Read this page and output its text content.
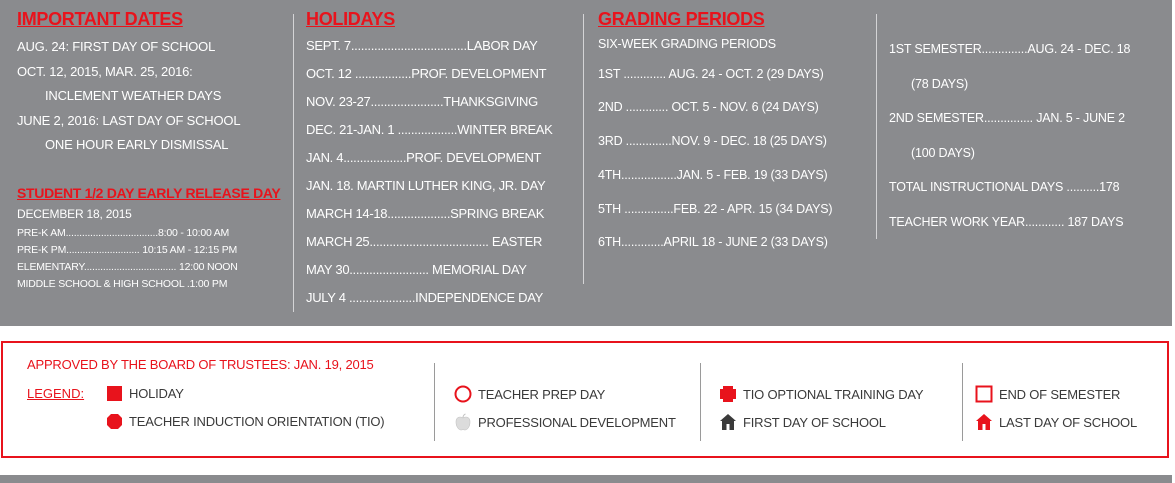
IMPORTANT DATES
AUG. 24: FIRST DAY OF SCHOOL
OCT. 12, 2015, MAR. 25, 2016:
INCLEMENT WEATHER DAYS
JUNE 2, 2016: LAST DAY OF SCHOOL
ONE HOUR EARLY DISMISSAL
STUDENT 1/2 DAY EARLY RELEASE DAY
DECEMBER 18, 2015
PRE-K AM..................................8:00 - 10:00 AM
PRE-K PM........................... 10:15 AM - 12:15 PM
ELEMENTARY.................................. 12:00 NOON
MIDDLE SCHOOL & HIGH SCHOOL .1:00 PM
HOLIDAYS
SEPT. 7...................................LABOR DAY
OCT. 12 .................PROF. DEVELOPMENT
NOV. 23-27......................THANKSGIVING
DEC. 21-JAN. 1 ..................WINTER BREAK
JAN. 4...................PROF. DEVELOPMENT
JAN. 18. MARTIN LUTHER KING, JR. DAY
MARCH 14-18...................SPRING BREAK
MARCH 25.................................... EASTER
MAY 30........................ MEMORIAL DAY
JULY 4 ....................INDEPENDENCE DAY
GRADING PERIODS
SIX-WEEK GRADING PERIODS
1ST ............. AUG. 24 - OCT. 2 (29 DAYS)
2ND ............. OCT. 5 - NOV. 6 (24 DAYS)
3RD ..............NOV. 9 - DEC. 18 (25 DAYS)
4TH.................JAN. 5 - FEB. 19 (33 DAYS)
5TH ...............FEB. 22 - APR. 15 (34 DAYS)
6TH.............APRIL 18 - JUNE 2 (33 DAYS)
1ST SEMESTER..............AUG. 24 - DEC. 18
(78 DAYS)
2ND SEMESTER............... JAN. 5 - JUNE 2
(100 DAYS)
TOTAL INSTRUCTIONAL DAYS ..........178
TEACHER WORK YEAR............ 187 DAYS
APPROVED BY THE BOARD OF TRUSTEES: JAN. 19, 2015
LEGEND:	HOLIDAY
TEACHER INDUCTION ORIENTATION (TIO)
TEACHER PREP DAY
PROFESSIONAL DEVELOPMENT
TIO OPTIONAL TRAINING DAY
FIRST DAY OF SCHOOL
END OF SEMESTER
LAST DAY OF SCHOOL
